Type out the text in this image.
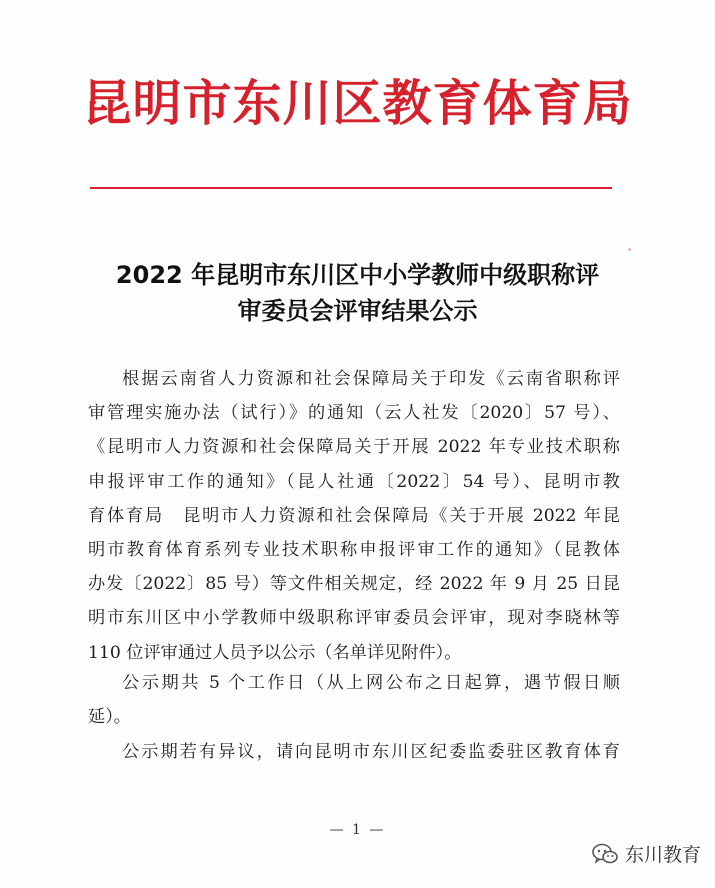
昆明市东川区教育体育局
2022 年昆明市东川区中小学教师中级职称评
审委员会评审结果公示
根据云南省人力资源和社会保障局关于印发《云南省职称评
审管理实施办法（试行）》的通知（云人社发〔2020〕57 号）、
《昆明市人力资源和社会保障局关于开展 2022 年专业技术职称
申报评审工作的通知》（昆人社通〔2022〕54 号）、昆明市教
育体育局　昆明市人力资源和社会保障局《关于开展 2022 年昆
明市教育体育系列专业技术职称申报评审工作的通知》（昆教体
办发〔2022〕85 号）等文件相关规定，经 2022 年 9 月 25 日昆
明市东川区中小学教师中级职称评审委员会评审，现对李晓林等
110 位评审通过人员予以公示（名单详见附件）。
公示期共 5 个工作日（从上网公布之日起算，遇节假日顺
延）。
公示期若有异议，请向昆明市东川区纪委监委驻区教育体育
— 1 —
东川教育
